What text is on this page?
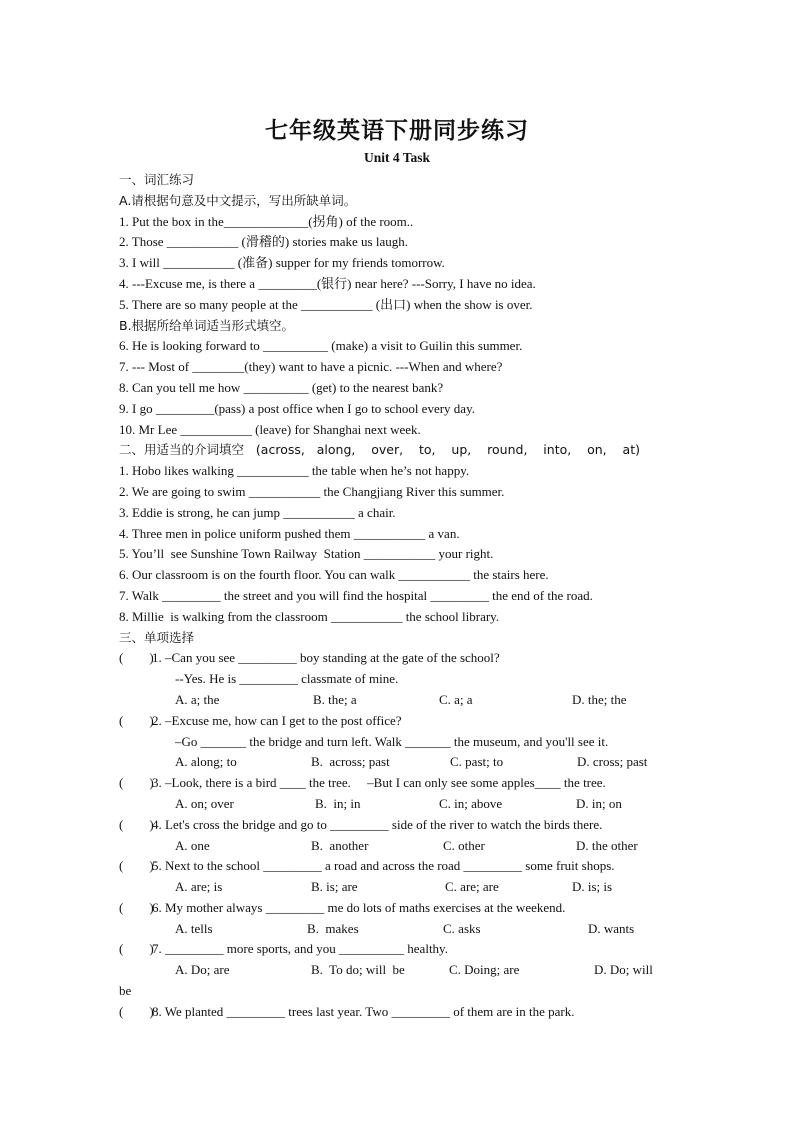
七年级英语下册同步练习
Unit 4 Task
一、词汇练习
A.请根据句意及中文提示，写出所缺单词。
1. Put the box in the_____________(拐角) of the room..
2. Those ___________ (滑稽的) stories make us laugh.
3. I will ___________ (准备) supper for my friends tomorrow.
4. ---Excuse me, is there a _________(银行) near here? ---Sorry, I have no idea.
5. There are so many people at the ___________ (出口) when the show is over.
B.根据所给单词适当形式填空。
6. He is looking forward to __________ (make) a visit to Guilin this summer.
7. --- Most of ________(they) want to have a picnic. ---When and where?
8. Can you tell me how __________ (get) to the nearest bank?
9. I go _________(pass) a post office when I go to school every day.
10. Mr Lee ___________ (leave) for Shanghai next week.
二、用适当的介词填空   (across,   along,    over,    to,    up,    round,    into,    on,    at)
1. Hobo likes walking ___________ the table when he’s not happy.
2. We are going to swim ___________ the Changjiang River this summer.
3. Eddie is strong, he can jump ___________ a chair.
4. Three men in police uniform pushed them ___________ a van.
5. You’ll  see Sunshine Town Railway  Station ___________ your right.
6. Our classroom is on the fourth floor. You can walk ___________ the stairs here.
7. Walk _________ the street and you will find the hospital _________ the end of the road.
8. Millie  is walking from the classroom ___________ the school library.
三、单项选择
(        )
1. –Can you see _________ boy standing at the gate of the school?
--Yes. He is _________ classmate of mine.
A. a; the	B. the; a	C. a; a	D. the; the
(        )
2. –Excuse me, how can I get to the post office?
–Go _______ the bridge and turn left. Walk _______ the museum, and you'll see it.
A. along; to	B.  across; past	C. past; to	D. cross; past
(        )
3. –Look, there is a bird ____ the tree.     –But I can only see some apples____ the tree.
A. on; over	B.  in; in	C. in; above	D. in; on
(        )
4. Let's cross the bridge and go to _________ side of the river to watch the birds there.
A. one	B.  another	C. other	D. the other
(        )
5. Next to the school _________ a road and across the road _________ some fruit shops.
A. are; is	B. is; are	C. are; are	D. is; is
(        )
6. My mother always _________ me do lots of maths exercises at the weekend.
A. tells	B.  makes	C. asks	D. wants
(        )
7. _________ more sports, and you __________ healthy.
A. Do; are	B.  To do; will  be	C. Doing; are	D. Do; will
be
(        )
8. We planted _________ trees last year. Two _________ of them are in the park.
